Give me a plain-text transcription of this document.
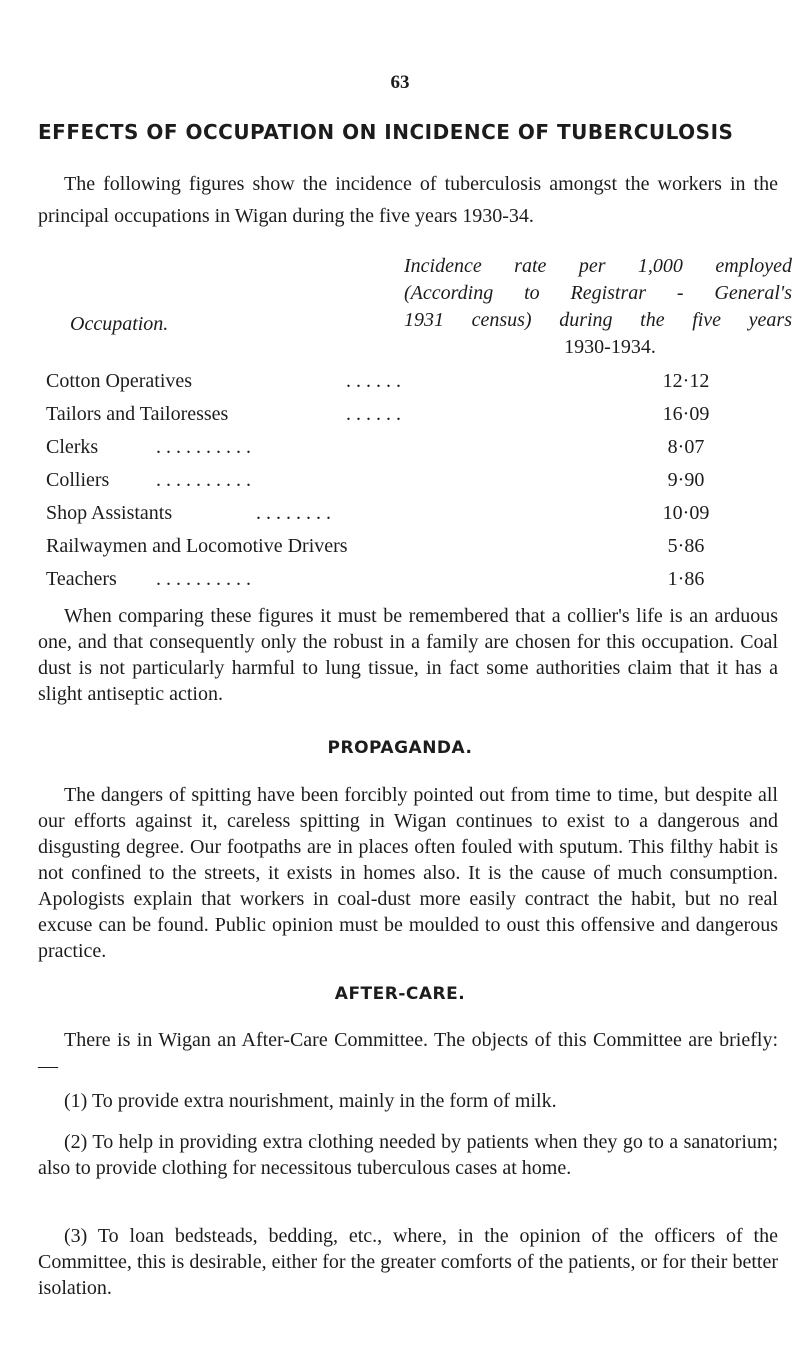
63
EFFECTS OF OCCUPATION ON INCIDENCE OF TUBERCULOSIS

The following figures show the incidence of tuberculosis amongst the workers in the principal occupations in Wigan during the five years 1930-34.

Occupation.
Incidence rate per 1,000 employed
(According to Registrar - General's
1931 census) during the five years
1930-1934.
Cotton Operatives	. . . . . .	12·12
Tailors and Tailoresses	. . . . . .	16·09
Clerks	. . . . . . . . . .	8·07
Colliers . . . . . . . . . .	9·90
Shop Assistants	. . . . . . . .	10·09
Railwaymen and Locomotive Drivers	5·86
Teachers . . . . . . . . . .	1·86

When comparing these figures it must be remembered that a collier's life is an arduous one, and that consequently only the robust in a family are chosen for this occupation. Coal dust is not particularly harmful to lung tissue, in fact some authorities claim that it has a slight antiseptic action.

PROPAGANDA.

The dangers of spitting have been forcibly pointed out from time to time, but despite all our efforts against it, careless spitting in Wigan continues to exist to a dangerous and disgusting degree. Our footpaths are in places often fouled with sputum. This filthy habit is not confined to the streets, it exists in homes also. It is the cause of much consumption. Apologists explain that workers in coal-dust more easily contract the habit, but no real excuse can be found. Public opinion must be moulded to oust this offensive and dangerous practice.

AFTER-CARE.

There is in Wigan an After-Care Committee. The objects of this Committee are briefly:—

(1) To provide extra nourishment, mainly in the form of milk.

(2) To help in providing extra clothing needed by patients when they go to a sanatorium; also to provide clothing for necessitous tuberculous cases at home.

(3) To loan bedsteads, bedding, etc., where, in the opinion of the officers of the Committee, this is desirable, either for the greater comforts of the patients, or for their better isolation.
